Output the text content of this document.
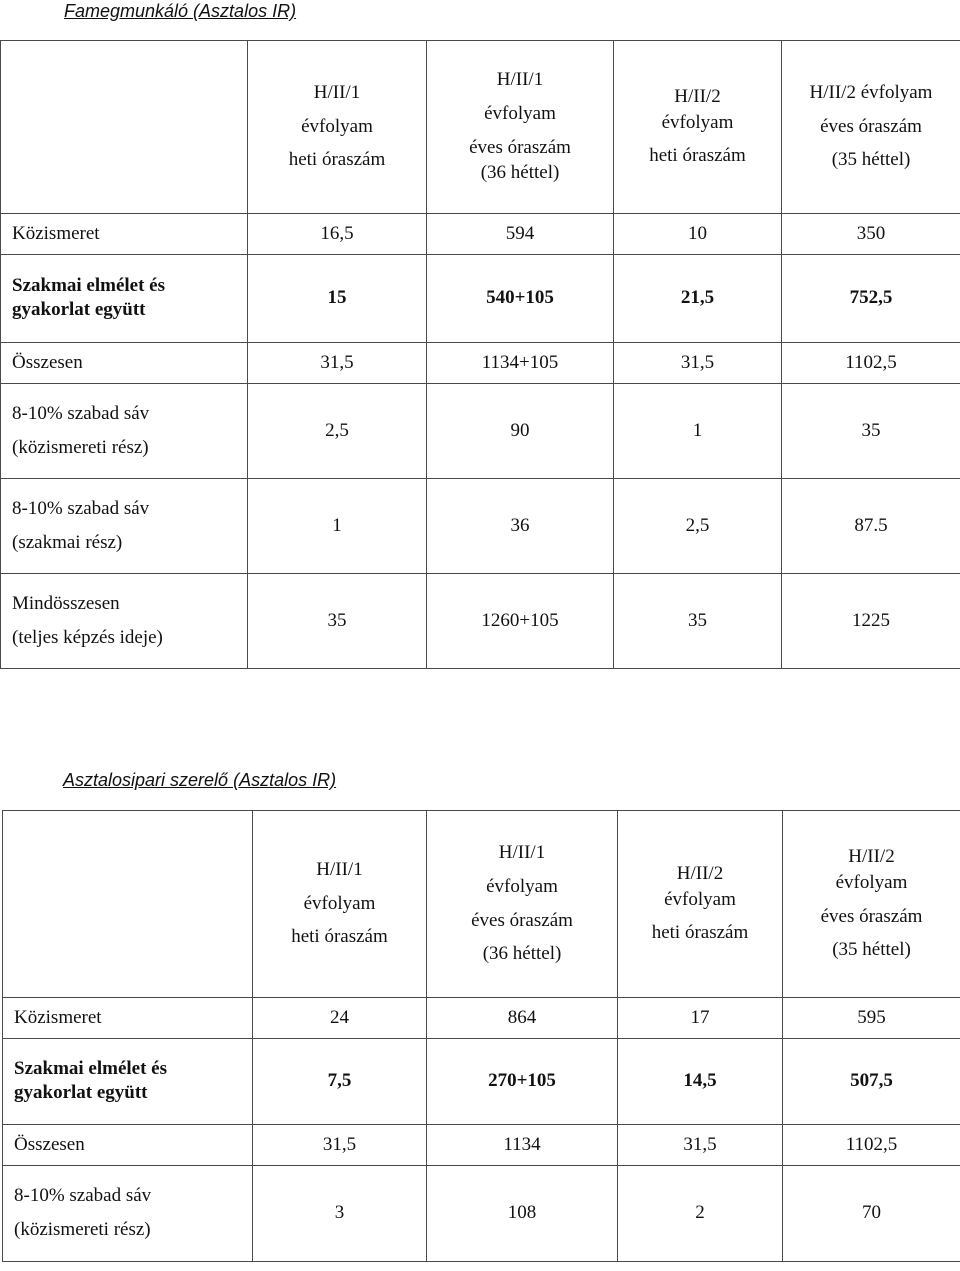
Famegmunkáló (Asztalos IR)

	H/II/1
évfolyam
heti óraszám	H/II/1
évfolyam
éves óraszám
(36 héttel)	H/II/2
évfolyam
heti óraszám	H/II/2 évfolyam
éves óraszám
(35 héttel)

Közismeret	16,5	594	10	350

Szakmai elmélet és
gyakorlat együtt	15	540+105	21,5	752,5

Összesen	31,5	1134+105	31,5	1102,5

8-10% szabad sáv
(közismereti rész)	2,5	90	1	35

8-10% szabad sáv
(szakmai rész)	1	36	2,5	87.5

Mindösszesen
(teljes képzés ideje)	35	1260+105	35	1225

Asztalosipari szerelő (Asztalos IR)

	H/II/1
évfolyam
heti óraszám	H/II/1
évfolyam
éves óraszám
(36 héttel)	H/II/2
évfolyam
heti óraszám	H/II/2
évfolyam
éves óraszám
(35 héttel)

Közismeret	24	864	17	595

Szakmai elmélet és
gyakorlat együtt	7,5	270+105	14,5	507,5

Összesen	31,5	1134	31,5	1102,5

8-10% szabad sáv
(közismereti rész)	3	108	2	70
